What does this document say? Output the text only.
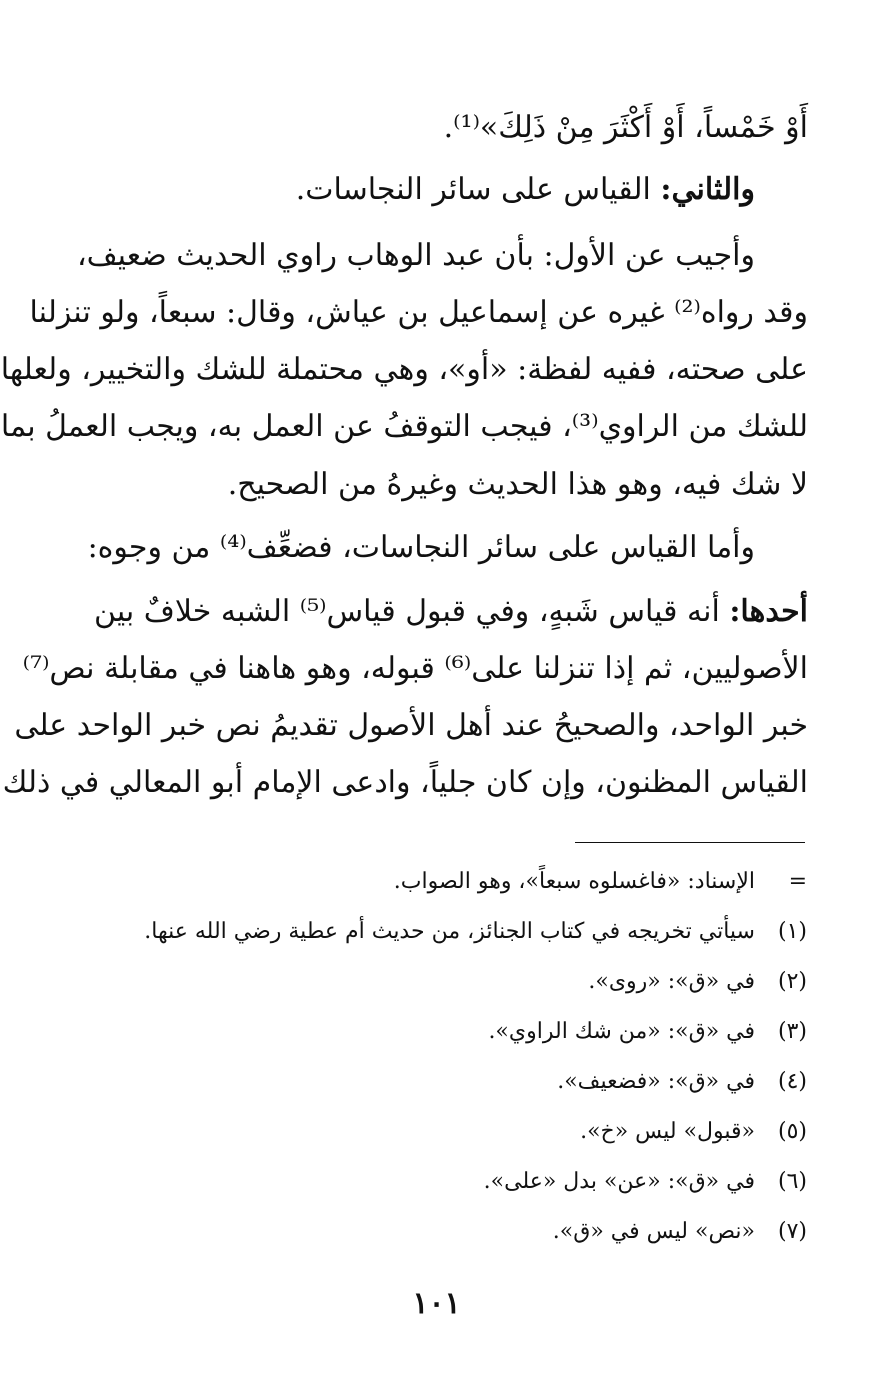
أَوْ خَمْساً، أَوْ أَكْثَرَ مِنْ ذَلِكَ»⁽¹⁾.
والثاني: القياس على سائر النجاسات.
وأجيب عن الأول: بأن عبد الوهاب راوي الحديث ضعيف،
وقد رواه⁽²⁾ غيره عن إسماعيل بن عياش، وقال: سبعاً، ولو تنزلنا
على صحته، ففيه لفظة: «أو»، وهي محتملة للشك والتخيير، ولعلها
للشك من الراوي⁽³⁾، فيجب التوقفُ عن العمل به، ويجب العملُ بما
لا شك فيه، وهو هذا الحديث وغيرهُ من الصحيح.
وأما القياس على سائر النجاسات، فضعِّف⁽⁴⁾ من وجوه:
أحدها: أنه قياس شَبهٍ، وفي قبول قياس⁽⁵⁾ الشبه خلافٌ بين
الأصوليين، ثم إذا تنزلنا على⁽⁶⁾ قبوله، وهو هاهنا في مقابلة نص⁽⁷⁾
خبر الواحد، والصحيحُ عند أهل الأصول تقديمُ نص خبر الواحد على
القياس المظنون، وإن كان جلياً، وادعى الإمام أبو المعالي في ذلك
=
الإسناد: «فاغسلوه سبعاً»، وهو الصواب.
(١)
سيأتي تخريجه في كتاب الجنائز، من حديث أم عطية رضي الله عنها.
(٢)
في «ق»: «روى».
(٣)
في «ق»: «من شك الراوي».
(٤)
في «ق»: «فضعيف».
(٥)
«قبول» ليس «خ».
(٦)
في «ق»: «عن» بدل «على».
(٧)
«نص» ليس في «ق».
١٠١
